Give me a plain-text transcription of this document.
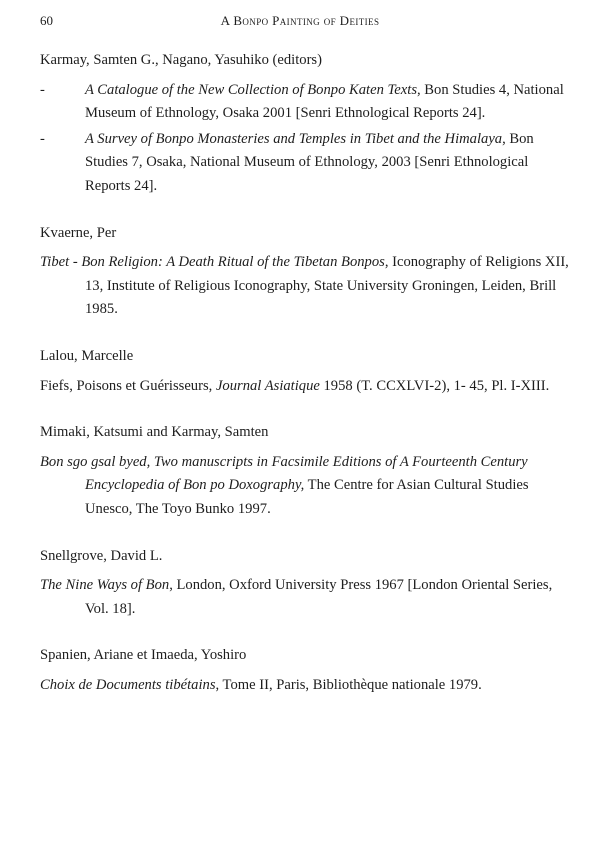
60	A Bonpo Painting of Deities

Karmay, Samten G., Nagano, Yasuhiko (editors)

-	A Catalogue of the New Collection of Bonpo Katen Texts, Bon Studies 4, National Museum of Ethnology, Osaka 2001 [Senri Ethnological Reports 24].

-	A Survey of Bonpo Monasteries and Temples in Tibet and the Himalaya, Bon Studies 7, Osaka, National Museum of Ethnology, 2003 [Senri Ethnological Reports 24].

Kvaerne, Per

Tibet - Bon Religion: A Death Ritual of the Tibetan Bonpos, Iconography of Religions XII, 13, Institute of Religious Iconography, State University Groningen, Leiden, Brill 1985.

Lalou, Marcelle

Fiefs, Poisons et Guérisseurs, Journal Asiatique 1958 (T. CCXLVI-2), 1- 45, Pl. I-XIII.

Mimaki, Katsumi and Karmay, Samten

Bon sgo gsal byed, Two manuscripts in Facsimile Editions of A Fourteenth Century Encyclopedia of Bon po Doxography, The Centre for Asian Cultural Studies Unesco, The Toyo Bunko 1997.

Snellgrove, David L.

The Nine Ways of Bon, London, Oxford University Press 1967 [London Oriental Series, Vol. 18].

Spanien, Ariane et Imaeda, Yoshiro

Choix de Documents tibétains, Tome II, Paris, Bibliothèque nationale 1979.
